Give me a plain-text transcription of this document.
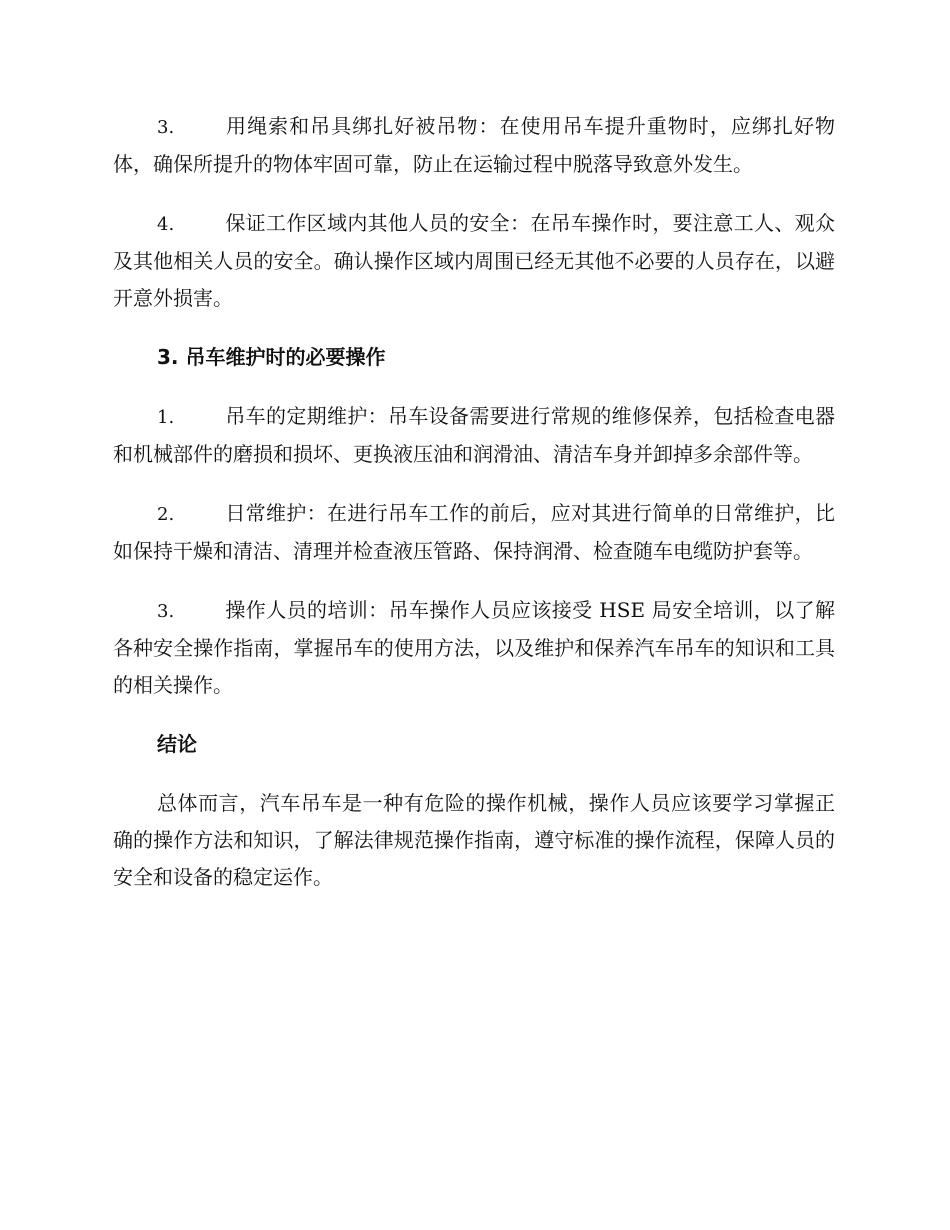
3.	用绳索和吊具绑扎好被吊物：在使用吊车提升重物时，应绑扎好物体，确保所提升的物体牢固可靠，防止在运输过程中脱落导致意外发生。

4.	保证工作区域内其他人员的安全：在吊车操作时，要注意工人、观众及其他相关人员的安全。确认操作区域内周围已经无其他不必要的人员存在，以避开意外损害。

3. 吊车维护时的必要操作

1.	吊车的定期维护：吊车设备需要进行常规的维修保养，包括检查电器和机械部件的磨损和损坏、更换液压油和润滑油、清洁车身并卸掉多余部件等。

2.	日常维护：在进行吊车工作的前后，应对其进行简单的日常维护，比如保持干燥和清洁、清理并检查液压管路、保持润滑、检查随车电缆防护套等。

3.	操作人员的培训：吊车操作人员应该接受 HSE 局安全培训，以了解各种安全操作指南，掌握吊车的使用方法，以及维护和保养汽车吊车的知识和工具的相关操作。

结论

总体而言，汽车吊车是一种有危险的操作机械，操作人员应该要学习掌握正确的操作方法和知识，了解法律规范操作指南，遵守标准的操作流程，保障人员的安全和设备的稳定运作。
